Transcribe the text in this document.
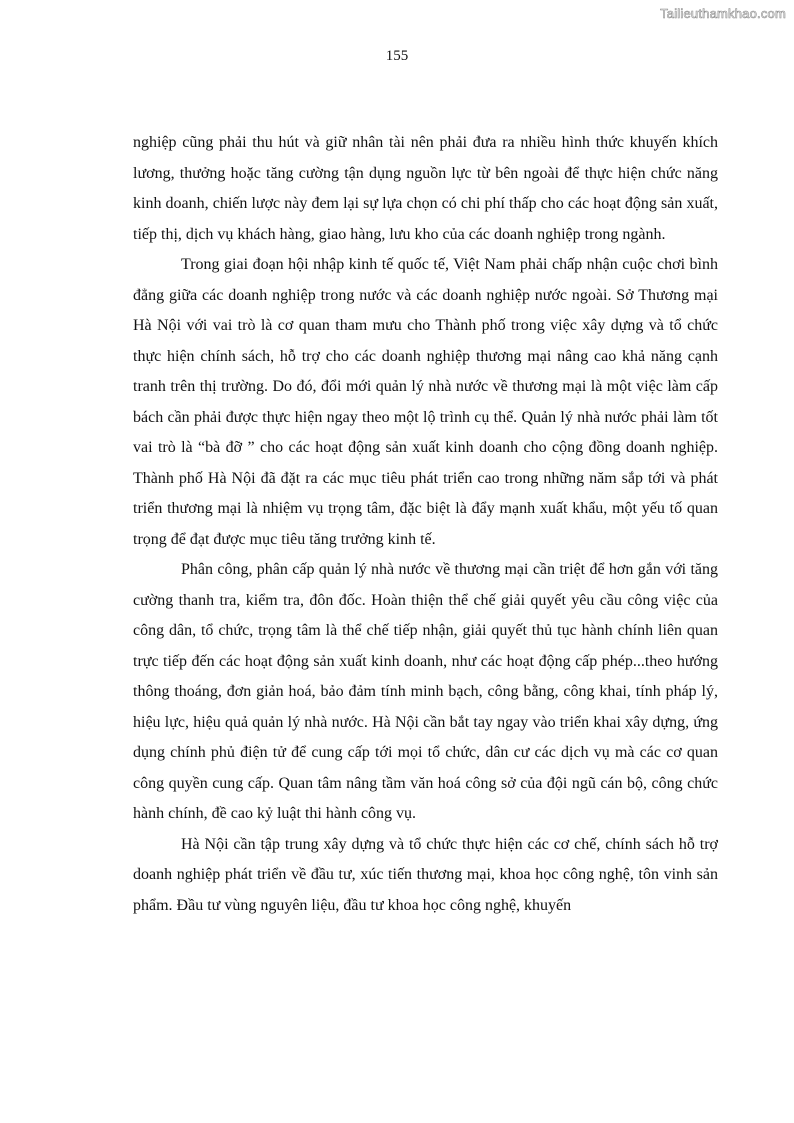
Tailieuthamkhao.com
155

nghiệp cũng phải thu hút và giữ nhân tài nên phải đưa ra nhiều hình thức khuyến khích lương, thưởng hoặc tăng cường tận dụng nguồn lực từ bên ngoài để thực hiện chức năng kinh doanh, chiến lược này đem lại sự lựa chọn có chi phí thấp cho các hoạt động sản xuất, tiếp thị, dịch vụ khách hàng, giao hàng, lưu kho của các doanh nghiệp trong ngành.

Trong giai đoạn hội nhập kinh tế quốc tế, Việt Nam phải chấp nhận cuộc chơi bình đẳng giữa các doanh nghiệp trong nước và các doanh nghiệp nước ngoài. Sở Thương mại Hà Nội với vai trò là cơ quan tham mưu cho Thành phố trong việc xây dựng và tổ chức thực hiện chính sách, hỗ trợ cho các doanh nghiệp thương mại nâng cao khả năng cạnh tranh trên thị trường. Do đó, đổi mới quản lý nhà nước về thương mại là một việc làm cấp bách cần phải được thực hiện ngay theo một lộ trình cụ thể. Quản lý nhà nước phải làm tốt vai trò là “bà đỡ ” cho các hoạt động sản xuất kinh doanh cho cộng đồng doanh nghiệp. Thành phố Hà Nội đã đặt ra các mục tiêu phát triển cao trong những năm sắp tới và phát triển thương mại là nhiệm vụ trọng tâm, đặc biệt là đẩy mạnh xuất khẩu, một yếu tố quan trọng để đạt được mục tiêu tăng trưởng kinh tế.

Phân công, phân cấp quản lý nhà nước về thương mại cần triệt để hơn gắn với tăng cường thanh tra, kiểm tra, đôn đốc. Hoàn thiện thể chế giải quyết yêu cầu công việc của công dân, tổ chức, trọng tâm là thể chế tiếp nhận, giải quyết thủ tục hành chính liên quan trực tiếp đến các hoạt động sản xuất kinh doanh, như các hoạt động cấp phép...theo hướng thông thoáng, đơn giản hoá, bảo đảm tính minh bạch, công bằng, công khai, tính pháp lý, hiệu lực, hiệu quả quản lý nhà nước. Hà Nội cần bắt tay ngay vào triển khai xây dựng, ứng dụng chính phủ điện tử để cung cấp tới mọi tổ chức, dân cư các dịch vụ mà các cơ quan công quyền cung cấp. Quan tâm nâng tầm văn hoá công sở của đội ngũ cán bộ, công chức hành chính, đề cao kỷ luật thi hành công vụ.

Hà Nội cần tập trung xây dựng và tổ chức thực hiện các cơ chế, chính sách hỗ trợ doanh nghiệp phát triển về đầu tư, xúc tiến thương mại, khoa học công nghệ, tôn vinh sản phẩm. Đầu tư vùng nguyên liệu, đầu tư khoa học công nghệ, khuyến
